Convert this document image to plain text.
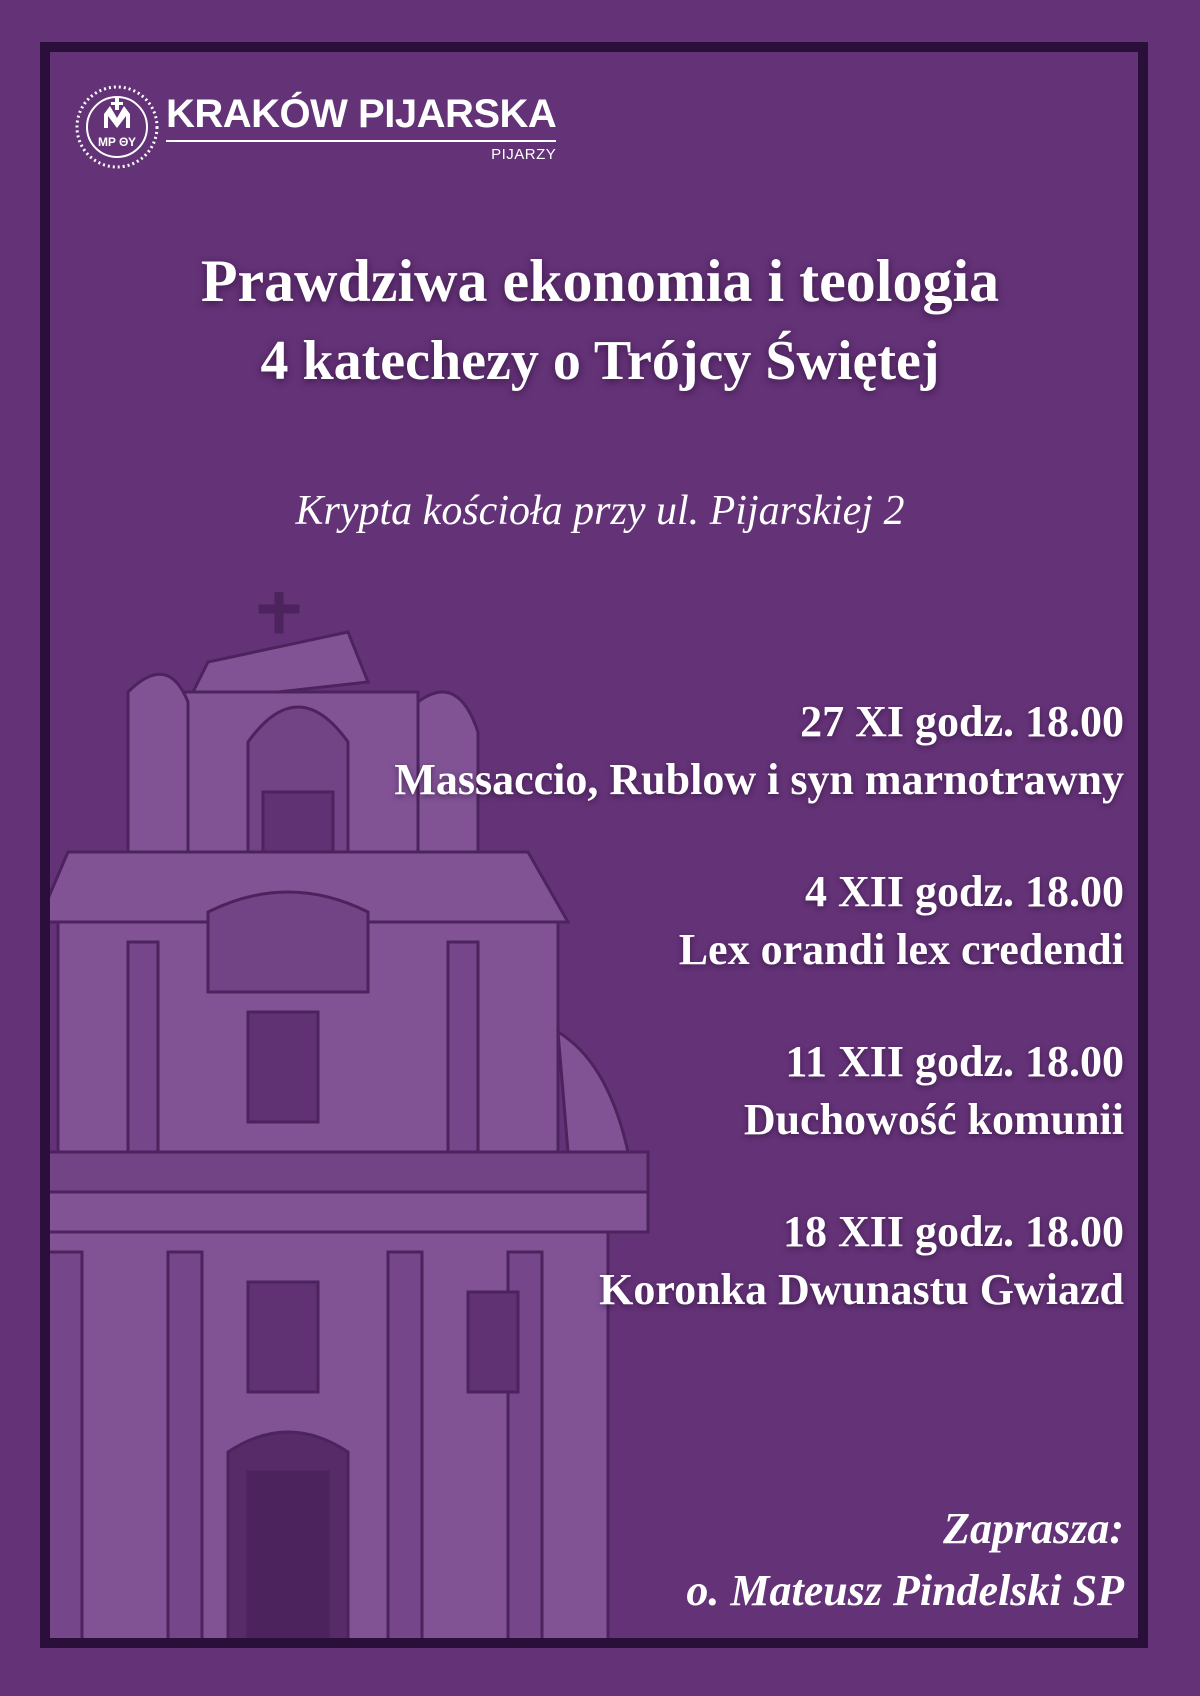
MP ΘΥ
KRAKÓW PIJARSKA
PIJARZY
Prawdziwa ekonomia i teologia
4 katechezy o Trójcy Świętej
Krypta kościoła przy ul. Pijarskiej 2
27 XI godz. 18.00
Massaccio, Rublow i syn marnotrawny
4 XII godz. 18.00
Lex orandi lex credendi
11 XII godz. 18.00
Duchowość komunii
18 XII godz. 18.00
Koronka Dwunastu Gwiazd
Zaprasza:
o. Mateusz Pindelski SP
